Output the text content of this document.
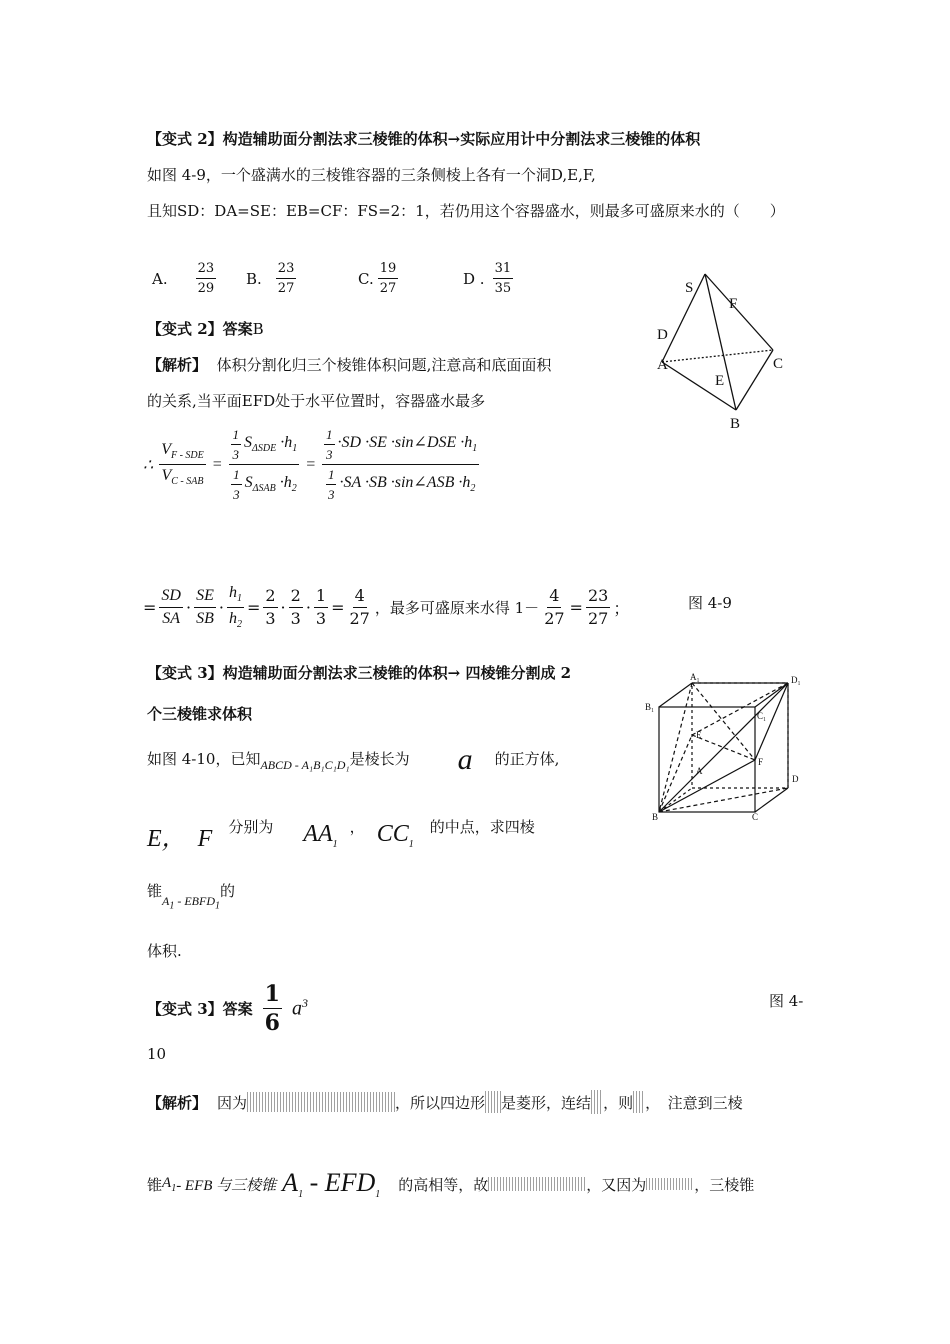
【变式 2】构造辅助面分割法求三棱锥的体积→实际应用计中分割法求三棱锥的体积
如图 4-9，一个盛满水的三棱锥容器的三条侧棱上各有一个洞D,E,F,
且知SD：DA=SE：EB=CF：FS=2：1，若仍用这个容器盛水，则最多可盛原来水的（　　）
A. $\frac{23}{29} B$. $\frac{23}{27}$	C. $\frac{19}{27}$	D . $\frac{31}{35}$	S
F
D
A
E
C
B
【变式 2】答案B
【解析】 体积分割化归三个棱锥体积问题,注意高和底面面积
的关系,当平面EFD处于水平位置时，容器盛水最多
∴ $\frac{V_{F - SDE}}{V_{C - SAB}} = \frac{\frac{1}{3} S_{\Delta SDE} \cdot h_1}{\frac{1}{3} S_{\Delta SAB} \cdot h_2} = \frac{\frac{1}{3} \cdot SD \cdot SE \cdot\sin\angle DSE \cdot h_1}{\frac{1}{3} \cdot SA \cdot SB \cdot\sin\angle ASB \cdot h_2}$
= $\frac{SD}{SA} \cdot \frac{SE}{SB} \cdot \frac{h_1}{h_2} = \frac{2}{3} \cdot \frac{2}{3} \cdot \frac{1}{3} = \frac{4}{27}$ ，最多可盛原来水得 $1- \frac{4}{27} = \frac{23}{27}$ ；	图 4-9
【变式 3】构造辅助面分割法求三棱锥的体积→ 四棱锥分割成 2
个三棱锥求体积
A₁	D₁
B₁
C₁
E
A
F
D
B	C
如图 4-10，已知 ABCD - A₁B₁C₁D₁ 是棱长为 a 的正方体,
E， F 分别为 $AA_1$
， $CC_1$
的中点，求四棱
锥
$A_1$ - $EBFD_1$
的
体积.
【变式 3】答案 $\frac{1}{6} a^3$	图 4-
10
【解析】 因为	，所以四边形 是菱形，连结 ，则 ，　注意到三棱
锥 $A_1$ - EFB 与三棱锥 $A_1 - EFD_1$
的高相等，故	，又因为	，三棱锥
